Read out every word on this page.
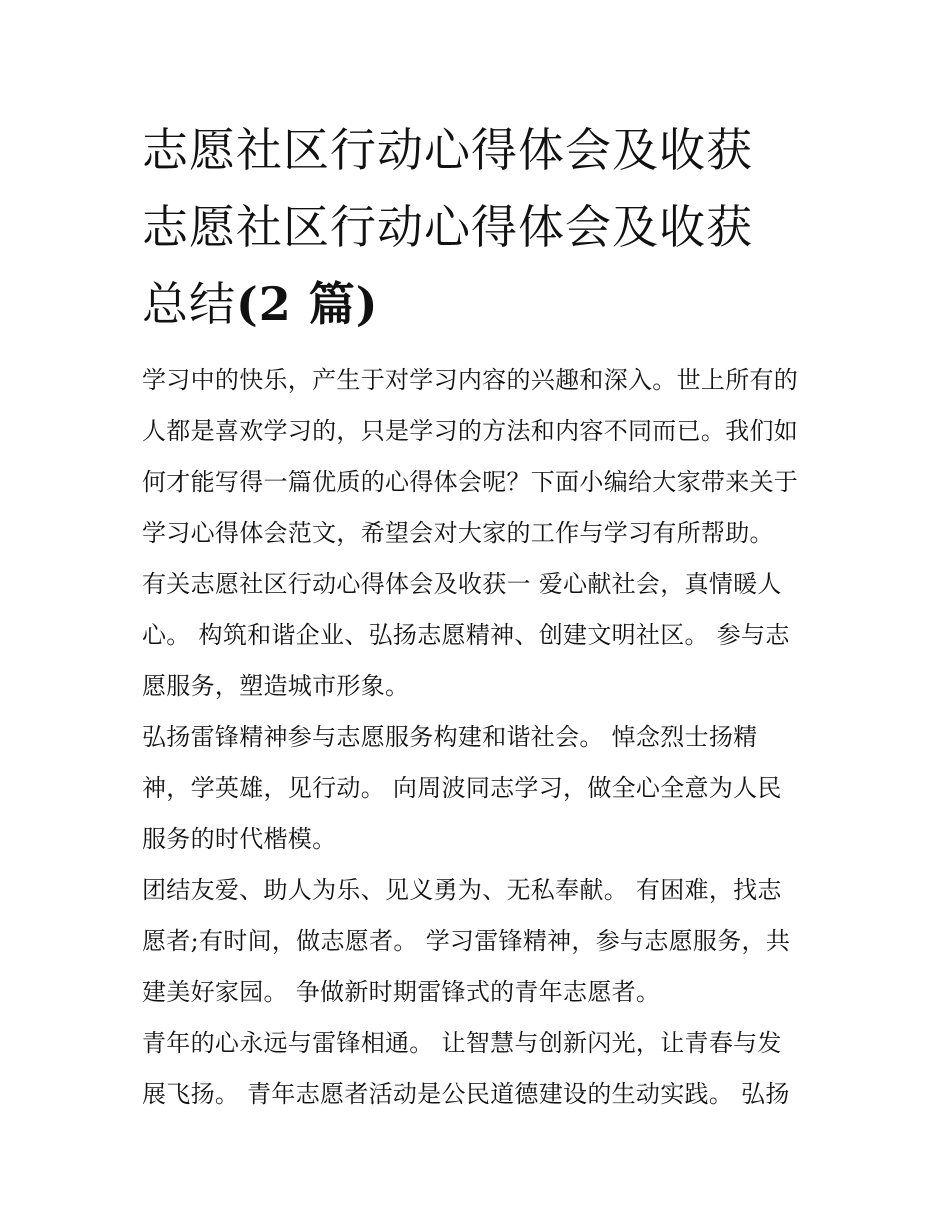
志愿社区行动心得体会及收获
志愿社区行动心得体会及收获
总结(2 篇)
学习中的快乐，产生于对学习内容的兴趣和深入。世上所有的
人都是喜欢学习的，只是学习的方法和内容不同而已。我们如
何才能写得一篇优质的心得体会呢？下面小编给大家带来关于
学习心得体会范文，希望会对大家的工作与学习有所帮助。
有关志愿社区行动心得体会及收获一 爱心献社会，真情暖人
心。 构筑和谐企业、弘扬志愿精神、创建文明社区。 参与志
愿服务，塑造城市形象。
弘扬雷锋精神参与志愿服务构建和谐社会。 悼念烈士扬精
神，学英雄，见行动。 向周波同志学习，做全心全意为人民
服务的时代楷模。
团结友爱、助人为乐、见义勇为、无私奉献。 有困难，找志
愿者;有时间，做志愿者。 学习雷锋精神，参与志愿服务，共
建美好家园。 争做新时期雷锋式的青年志愿者。
青年的心永远与雷锋相通。 让智慧与创新闪光，让青春与发
展飞扬。 青年志愿者活动是公民道德建设的生动实践。 弘扬
